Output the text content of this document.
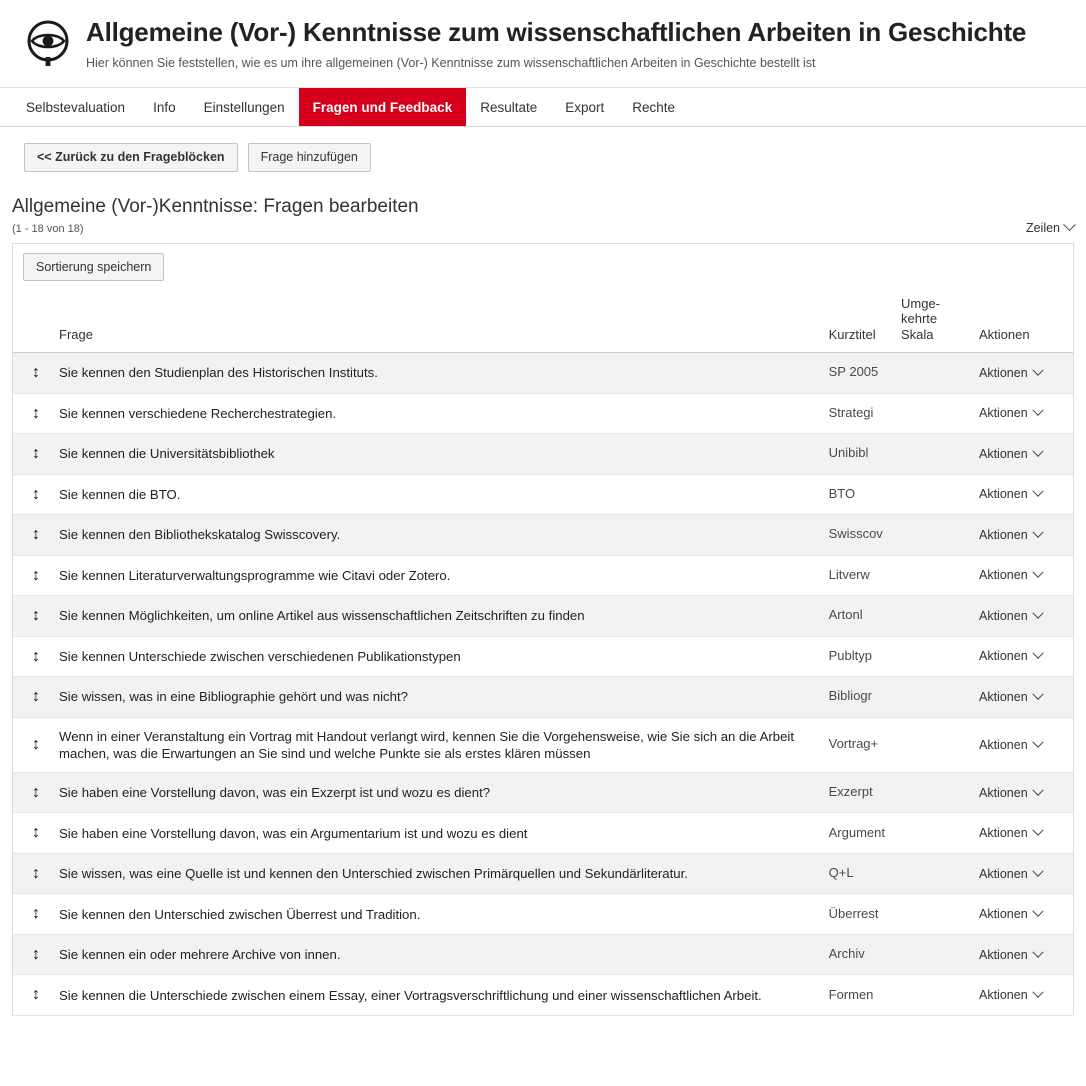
Allgemeine (Vor-) Kenntnisse zum wissenschaftlichen Arbeiten in Geschichte

Hier können Sie feststellen, wie es um ihre allgemeinen (Vor-) Kenntnisse zum wissenschaftlichen Arbeiten in Geschichte bestellt ist

Selbstevaluation	Info	Einstellungen	Fragen und Feedback	Resultate	Export	Rechte
<< Zurück zu den Frageblöcken	Frage hinzufügen
Allgemeine (Vor-)Kenntnisse: Fragen bearbeiten
(1 - 18 von 18)	Zeilen
Sortierung speichern
	Frage	Kurztitel	Umge-
kehrte
Skala	Aktionen
↕	Sie kennen den Studienplan des Historischen Instituts.	SP 2005		Aktionen

↕	Sie kennen verschiedene Recherchestrategien.	Strategi		Aktionen

↕	Sie kennen die Universitätsbibliothek	Unibibl		Aktionen

↕	Sie kennen die BTO.	BTO		Aktionen

↕	Sie kennen den Bibliothekskatalog Swisscovery.	Swisscov		Aktionen

↕	Sie kennen Literaturverwaltungsprogramme wie Citavi oder Zotero.	Litverw		Aktionen

↕	Sie kennen Möglichkeiten, um online Artikel aus wissenschaftlichen Zeitschriften zu finden	Artonl		Aktionen

↕	Sie kennen Unterschiede zwischen verschiedenen Publikationstypen	Publtyp		Aktionen

↕	Sie wissen, was in eine Bibliographie gehört und was nicht?	Bibliogr		Aktionen

↕	Wenn in einer Veranstaltung ein Vortrag mit Handout verlangt wird, kennen Sie die Vorgehensweise, wie Sie sich an die Arbeit machen, was die Erwartungen an Sie sind und welche Punkte sie als erstes klären müssen	Vortrag+		Aktionen

↕	Sie haben eine Vorstellung davon, was ein Exzerpt ist und wozu es dient?	Exzerpt		Aktionen

↕	Sie haben eine Vorstellung davon, was ein Argumentarium ist und wozu es dient	Argument		Aktionen

↕	Sie wissen, was eine Quelle ist und kennen den Unterschied zwischen Primärquellen und Sekundärliteratur.	Q+L		Aktionen

↕	Sie kennen den Unterschied zwischen Überrest und Tradition.	Überrest		Aktionen

↕	Sie kennen ein oder mehrere Archive von innen.	Archiv		Aktionen

↕	Sie kennen die Unterschiede zwischen einem Essay, einer Vortragsverschriftlichung und einer wissenschaftlichen Arbeit.	Formen		Aktionen
